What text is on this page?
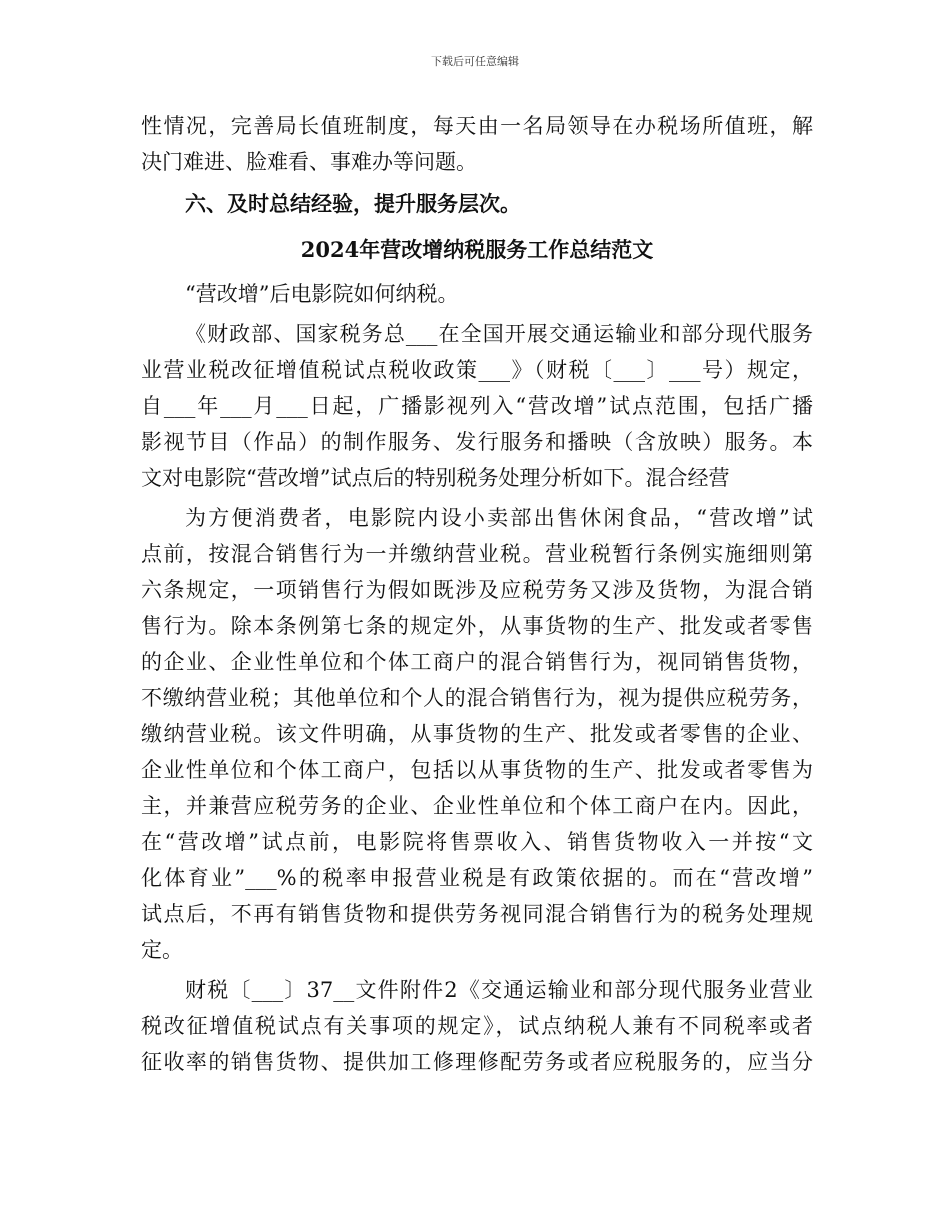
下载后可任意编辑
性情况，完善局长值班制度，每天由一名局领导在办税场所值班，解
决门难进、脸难看、事难办等问题。
六、及时总结经验，提升服务层次。
2024年营改增纳税服务工作总结范文
“营改增”后电影院如何纳税。
《财政部、国家税务总___在全国开展交通运输业和部分现代服务
业营业税改征增值税试点税收政策___》（财税〔___〕___号）规定，
自___年___月___日起，广播影视列入“营改增”试点范围，包括广播
影视节目（作品）的制作服务、发行服务和播映（含放映）服务。本
文对电影院“营改增”试点后的特别税务处理分析如下。混合经营
为方便消费者，电影院内设小卖部出售休闲食品，“营改增”试
点前，按混合销售行为一并缴纳营业税。营业税暂行条例实施细则第
六条规定，一项销售行为假如既涉及应税劳务又涉及货物，为混合销
售行为。除本条例第七条的规定外，从事货物的生产、批发或者零售
的企业、企业性单位和个体工商户的混合销售行为，视同销售货物，
不缴纳营业税；其他单位和个人的混合销售行为，视为提供应税劳务，
缴纳营业税。该文件明确，从事货物的生产、批发或者零售的企业、
企业性单位和个体工商户，包括以从事货物的生产、批发或者零售为
主，并兼营应税劳务的企业、企业性单位和个体工商户在内。因此，
在“营改增”试点前，电影院将售票收入、销售货物收入一并按“文
化体育业”___%的税率申报营业税是有政策依据的。而在“营改增”
试点后，不再有销售货物和提供劳务视同混合销售行为的税务处理规
定。
财税〔___〕37__文件附件2《交通运输业和部分现代服务业营业
税改征增值税试点有关事项的规定》，试点纳税人兼有不同税率或者
征收率的销售货物、提供加工修理修配劳务或者应税服务的，应当分
